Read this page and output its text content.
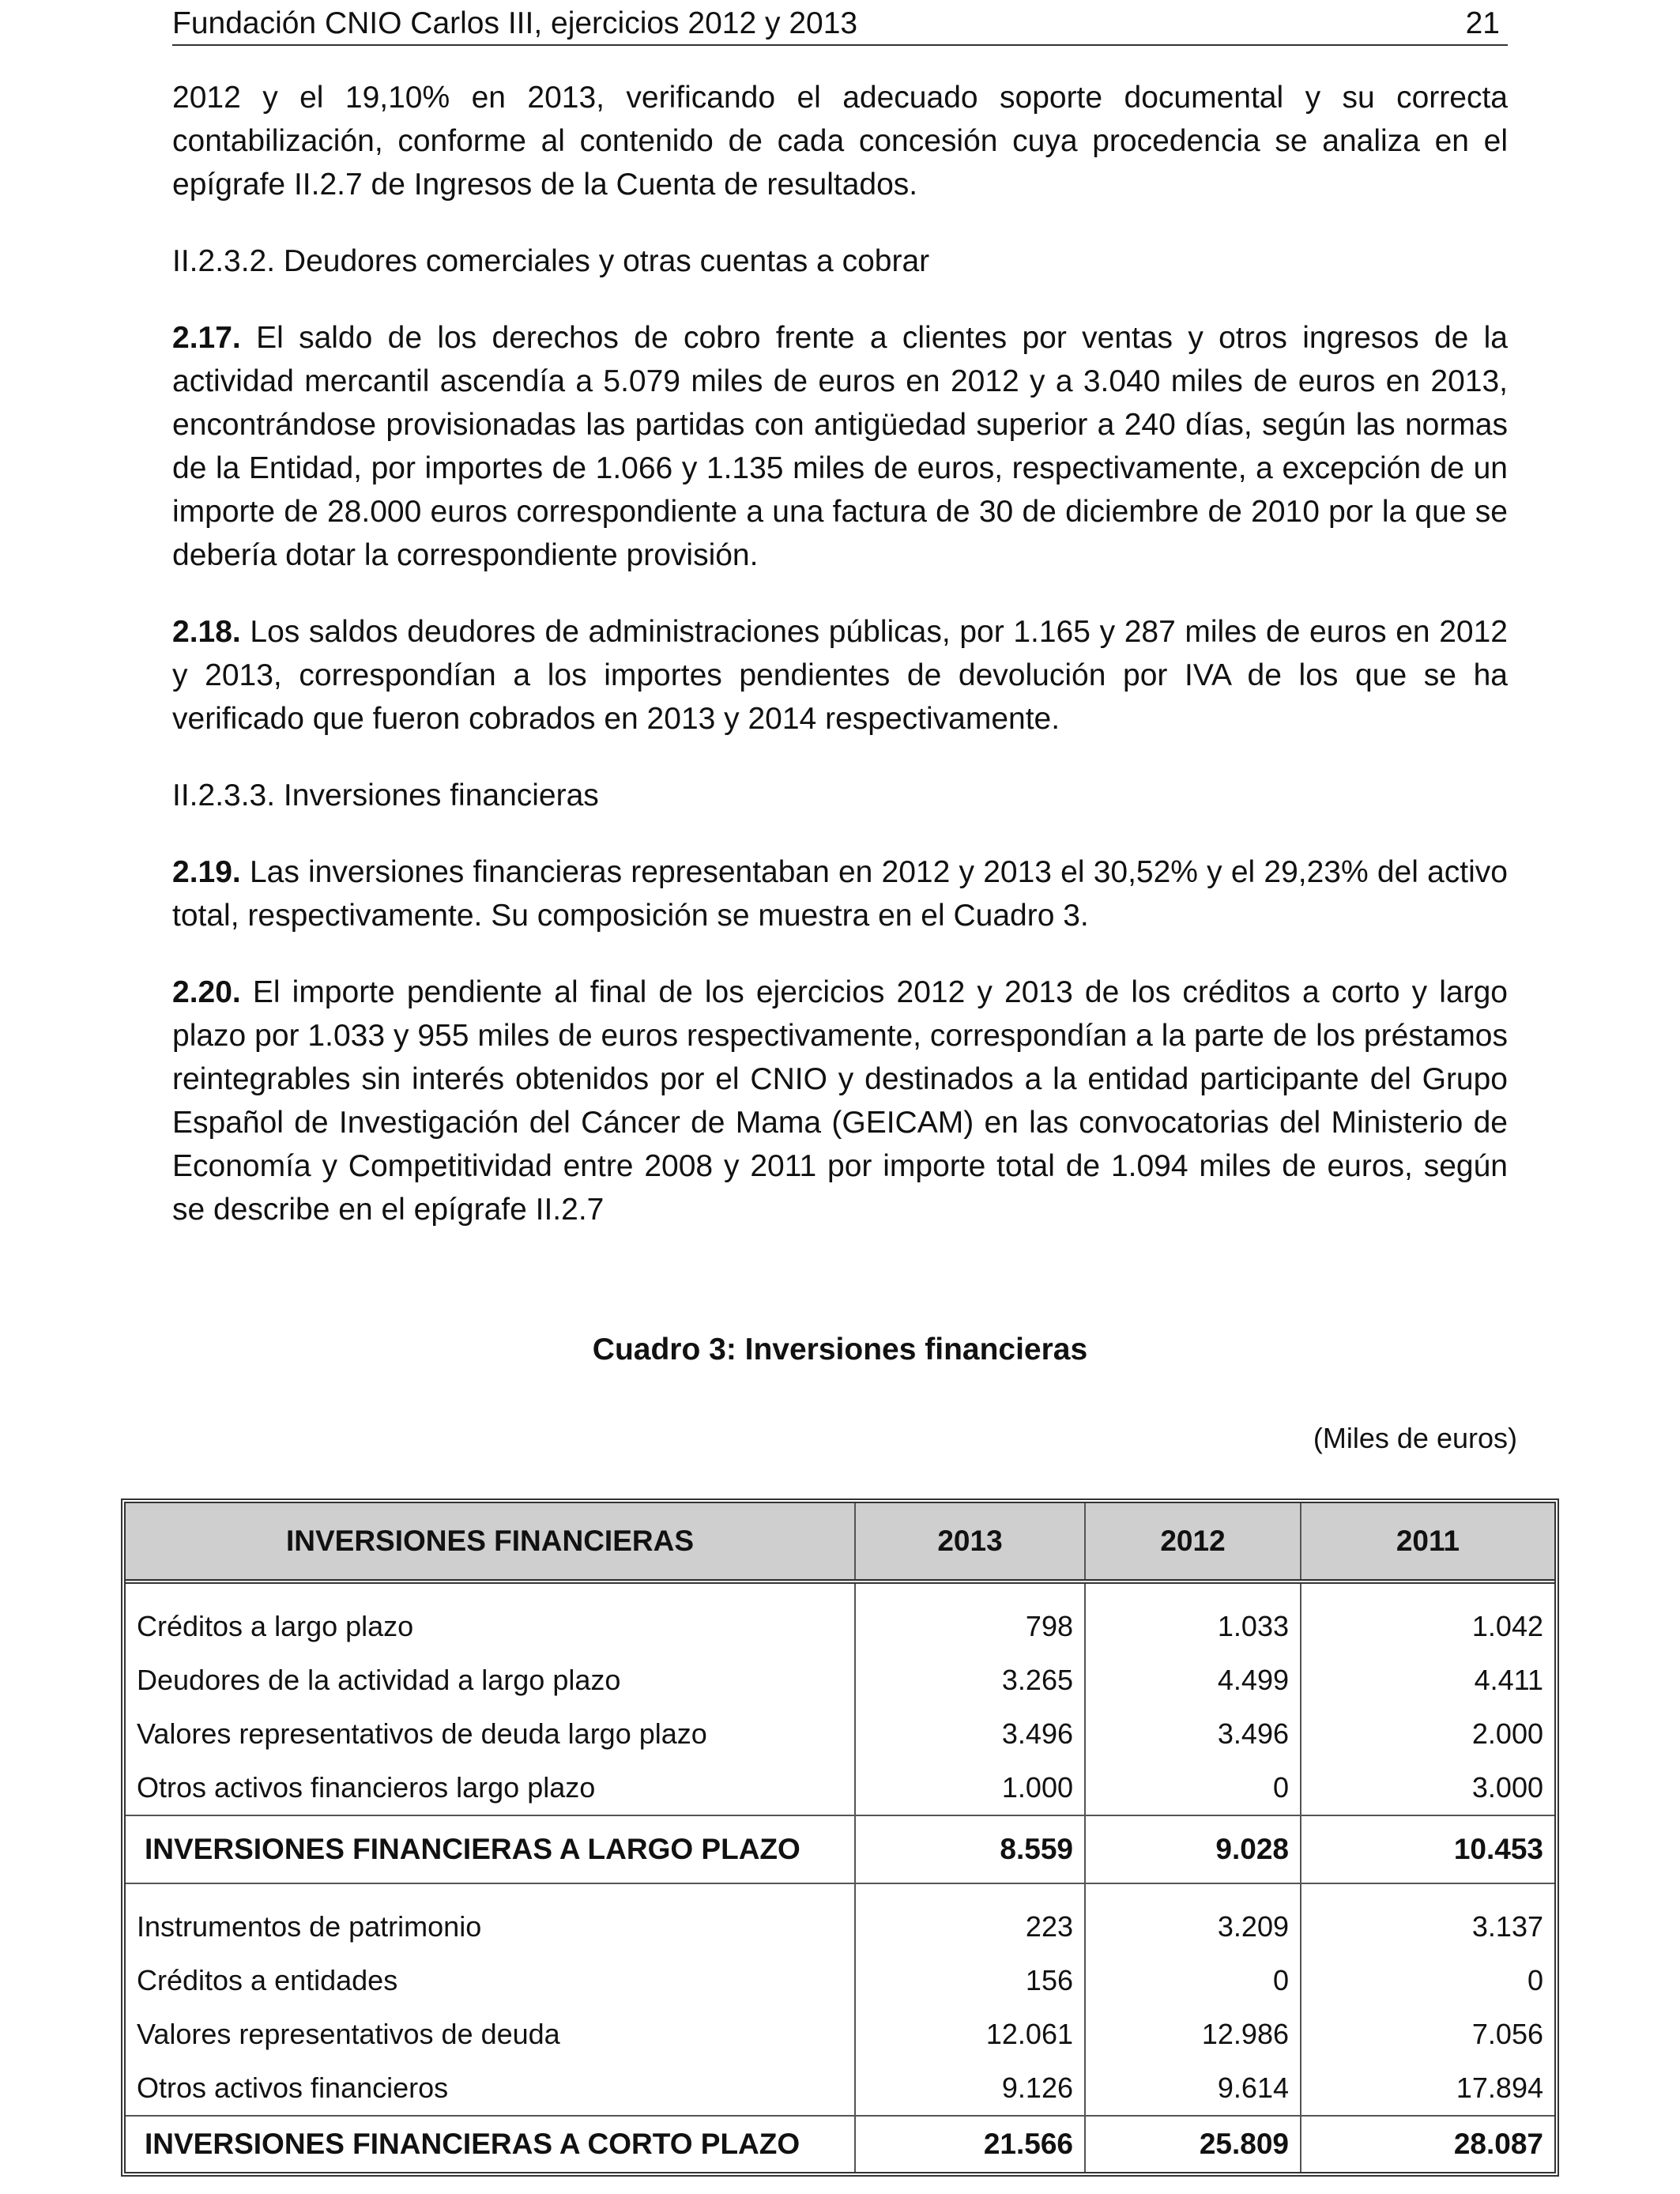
Fundación CNIO Carlos III, ejercicios 2012 y 2013	21

2012 y el 19,10% en 2013, verificando el adecuado soporte documental y su correcta contabilización, conforme al contenido de cada concesión cuya procedencia se analiza en el epígrafe II.2.7 de Ingresos de la Cuenta de resultados.

II.2.3.2. Deudores comerciales y otras cuentas a cobrar

2.17. El saldo de los derechos de cobro frente a clientes por ventas y otros ingresos de la actividad mercantil ascendía a 5.079 miles de euros en 2012 y a 3.040 miles de euros en 2013, encontrándose provisionadas las partidas con antigüedad superior a 240 días, según las normas de la Entidad, por importes de 1.066 y 1.135 miles de euros, respectivamente, a excepción de un importe de 28.000 euros correspondiente a una factura de 30 de diciembre de 2010 por la que se debería dotar la correspondiente provisión.

2.18. Los saldos deudores de administraciones públicas, por 1.165 y 287 miles de euros en 2012 y 2013, correspondían a los importes pendientes de devolución por IVA de los que se ha verificado que fueron cobrados en 2013 y 2014 respectivamente.

II.2.3.3. Inversiones financieras

2.19. Las inversiones financieras representaban en 2012 y 2013 el 30,52% y el 29,23% del activo total, respectivamente. Su composición se muestra en el Cuadro 3.

2.20. El importe pendiente al final de los ejercicios 2012 y 2013 de los créditos a corto y largo plazo por 1.033 y 955 miles de euros respectivamente, correspondían a la parte de los préstamos reintegrables sin interés obtenidos por el CNIO y destinados a la entidad participante del Grupo Español de Investigación del Cáncer de Mama (GEICAM) en las convocatorias del Ministerio de Economía y Competitividad entre 2008 y 2011 por importe total de 1.094 miles de euros, según se describe en el epígrafe II.2.7

Cuadro 3: Inversiones financieras
(Miles de euros)
INVERSIONES FINANCIERAS	2013	2012	2011
Créditos a largo plazo	798	1.033	1.042
Deudores de la actividad a largo plazo	3.265	4.499	4.411
Valores representativos de deuda largo plazo	3.496	3.496	2.000
Otros activos financieros largo plazo	1.000	0	3.000
INVERSIONES FINANCIERAS A LARGO PLAZO	8.559	9.028	10.453
Instrumentos de patrimonio	223	3.209	3.137
Créditos a entidades	156	0	0
Valores representativos de deuda	12.061	12.986	7.056
Otros activos financieros	9.126	9.614	17.894
INVERSIONES FINANCIERAS A CORTO PLAZO	21.566	25.809	28.087
